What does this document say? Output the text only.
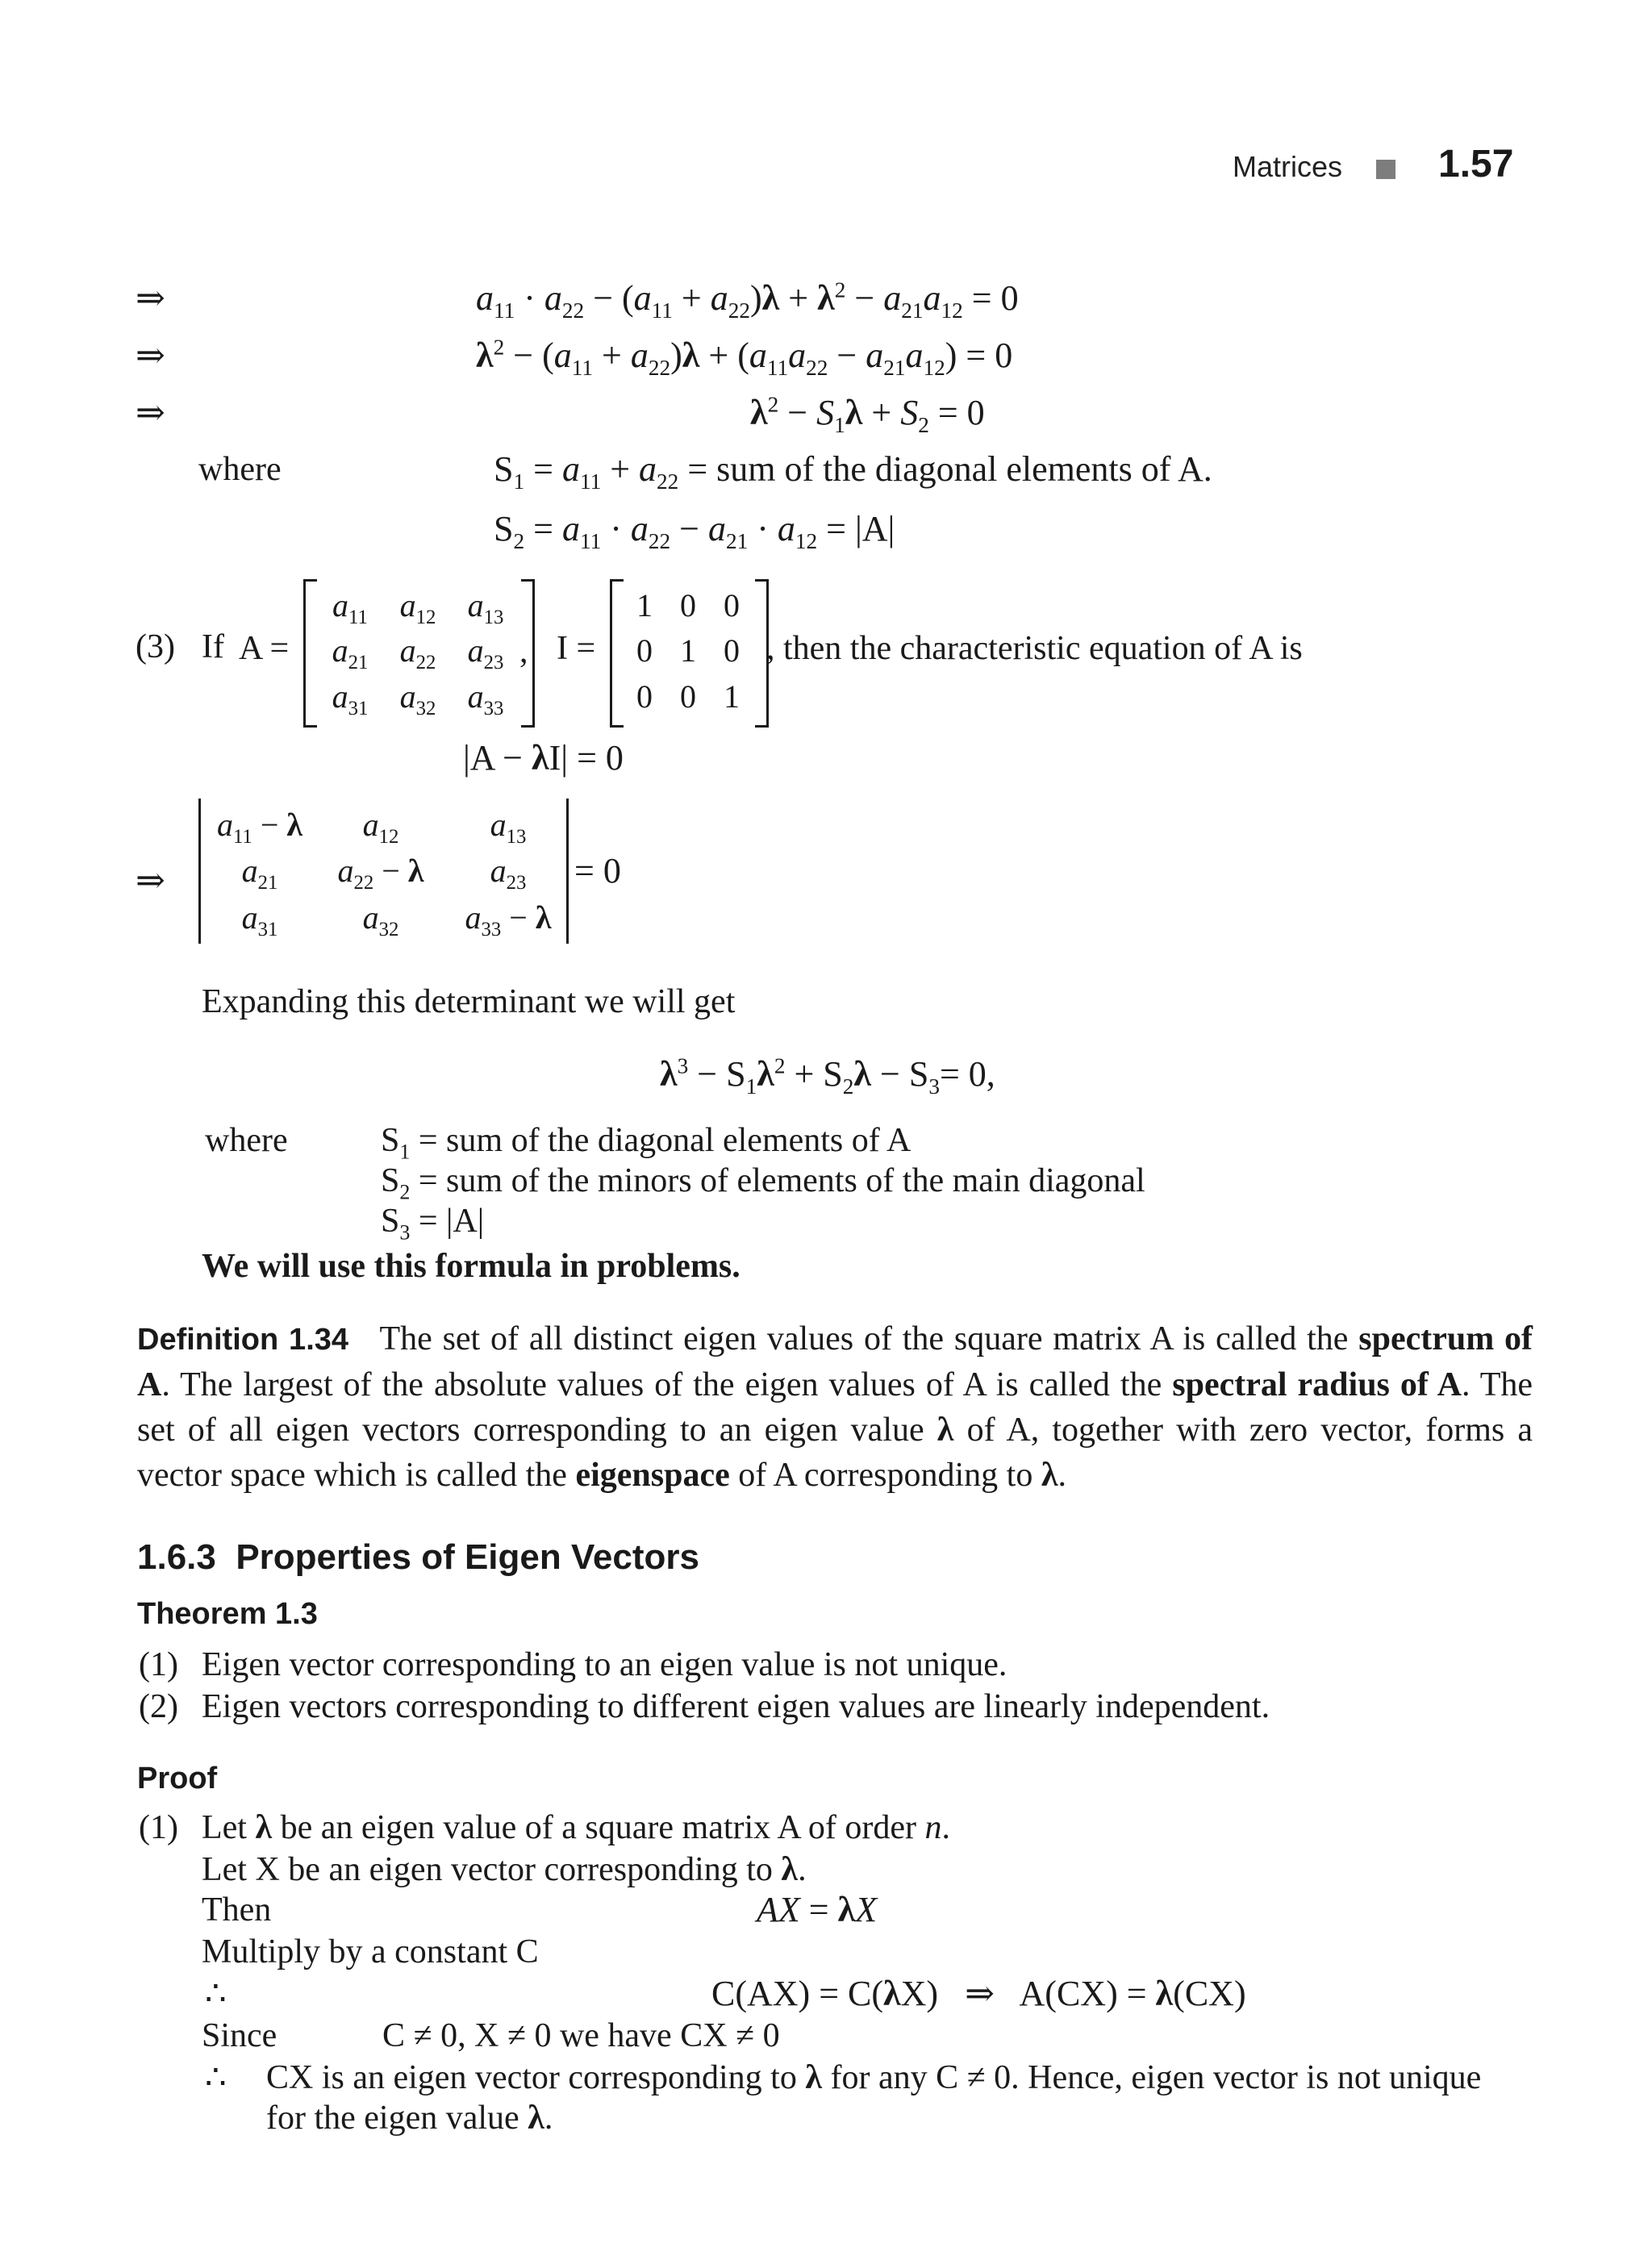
Matrices 1.57
⇒	$a_{11} \cdot a_{22} - (a_{11} + a_{22})\lambda + \lambda^2 - a_{21}a_{12} = 0$
⇒	$\lambda^2 - (a_{11} + a_{22})\lambda + (a_{11}a_{22} - a_{21}a_{12}) = 0$
⇒	$\lambda^2 - S_1\lambda + S_2 = 0$
where	$S_1 = a_{11} + a_{22}$ = sum of the diagonal elements of A.
$S_2 = a_{11} \cdot a_{22} - a_{21} \cdot a_{12} = |A|$
(3) If A =
$a_{11}$ $a_{12}$ $a_{13}$
$a_{21}$ $a_{22}$ $a_{23}$
$a_{31}$ $a_{32}$ $a_{33}$
, I =
1 0 0
0 1 0
0 0 1
, then the characteristic equation of A is
|A − λI| = 0
⇒
$a_{11} - \lambda$	$a_{12}$	$a_{13}$
$a_{21}$	$a_{22} - \lambda$	$a_{23}$
$a_{31}$	$a_{32}$	$a_{33} - \lambda$
= 0
Expanding this determinant we will get
$\lambda^3 - S_1\lambda^2 + S_2\lambda - S_3= 0$,
where	$S_1$ = sum of the diagonal elements of A
$S_2$ = sum of the minors of elements of the main diagonal
$S_3 = |A|$
We will use this formula in problems.
Definition 1.34 The set of all distinct eigen values of the square matrix A is called the spectrum of A. The largest of the absolute values of the eigen values of A is called the spectral radius of A. The set of all eigen vectors corresponding to an eigen value λ of A, together with zero vector, forms a vector space which is called the eigenspace of A corresponding to λ.
1.6.3 Properties of Eigen Vectors
Theorem 1.3
(1) Eigen vector corresponding to an eigen value is not unique.
(2) Eigen vectors corresponding to different eigen values are linearly independent.
Proof
(1) Let λ be an eigen value of a square matrix A of order n.
Let X be an eigen vector corresponding to λ.
Then	AX = λX
Multiply by a constant C
∴	C(AX) = C(λX)   ⇒   A(CX) = λ(CX)
Since	C ≠ 0, X ≠ 0 we have CX ≠ 0
∴ CX is an eigen vector corresponding to λ for any C ≠ 0. Hence, eigen vector is not unique
for the eigen value λ.
